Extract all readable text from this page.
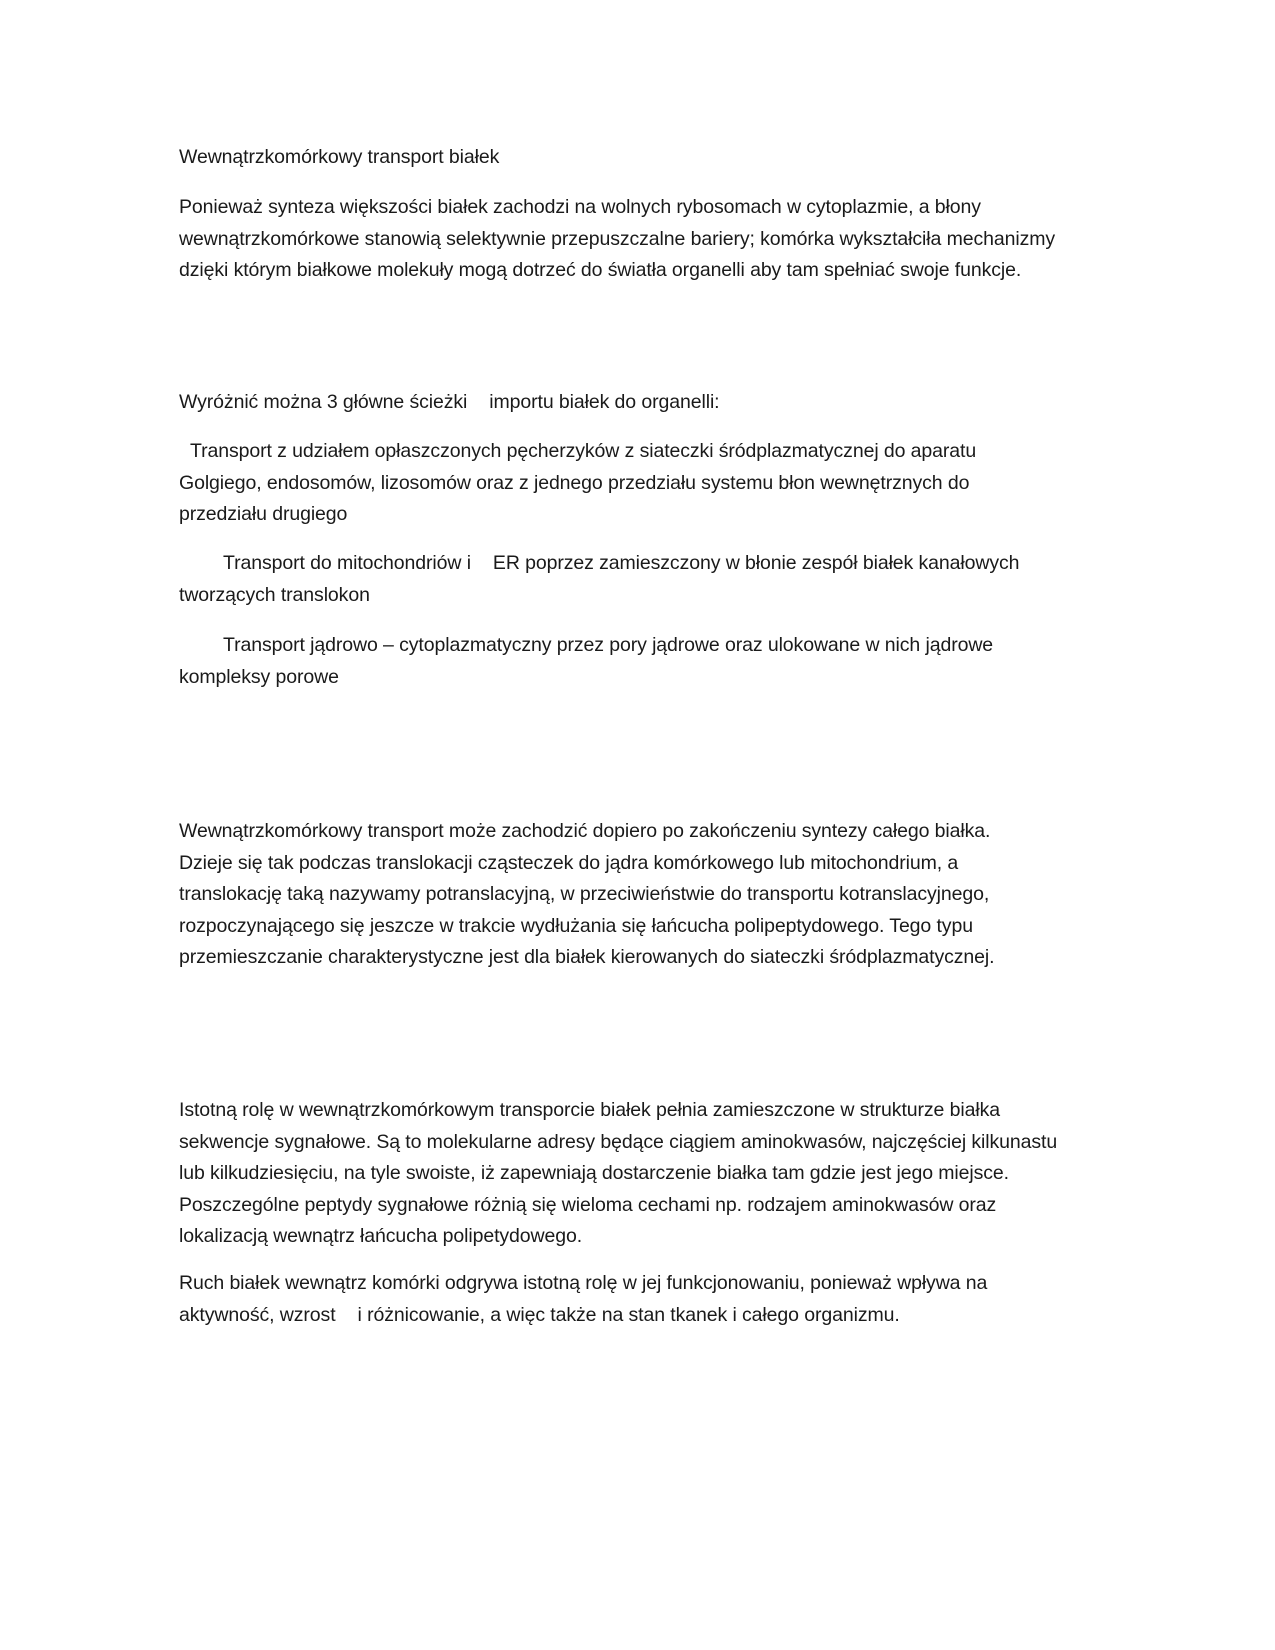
Wewnątrzkomórkowy transport białek

Ponieważ synteza większości białek zachodzi na wolnych rybosomach w cytoplazmie, a błony wewnątrzkomórkowe stanowią selektywnie przepuszczalne bariery; komórka wykształciła mechanizmy dzięki którym białkowe molekuły mogą dotrzeć do światła organelli aby tam spełniać swoje funkcje.

Wyróżnić można 3 główne ścieżki importu białek do organelli:

Transport z udziałem opłaszczonych pęcherzyków z siateczki śródplazmatycznej do aparatu Golgiego, endosomów, lizosomów oraz z jednego przedziału systemu błon wewnętrznych do przedziału drugiego

Transport do mitochondriów i ER poprzez zamieszczony w błonie zespół białek kanałowych tworzących translokon

Transport jądrowo – cytoplazmatyczny przez pory jądrowe oraz ulokowane w nich jądrowe kompleksy porowe

Wewnątrzkomórkowy transport może zachodzić dopiero po zakończeniu syntezy całego białka. Dzieje się tak podczas translokacji cząsteczek do jądra komórkowego lub mitochondrium, a translokację taką nazywamy potranslacyjną, w przeciwieństwie do transportu kotranslacyjnego, rozpoczynającego się jeszcze w trakcie wydłużania się łańcucha polipeptydowego. Tego typu przemieszczanie charakterystyczne jest dla białek kierowanych do siateczki śródplazmatycznej.

Istotną rolę w wewnątrzkomórkowym transporcie białek pełnia zamieszczone w strukturze białka sekwencje sygnałowe. Są to molekularne adresy będące ciągiem aminokwasów, najczęściej kilkunastu lub kilkudziesięciu, na tyle swoiste, iż zapewniają dostarczenie białka tam gdzie jest jego miejsce. Poszczególne peptydy sygnałowe różnią się wieloma cechami np. rodzajem aminokwasów oraz lokalizacją wewnątrz łańcucha polipetydowego.

Ruch białek wewnątrz komórki odgrywa istotną rolę w jej funkcjonowaniu, ponieważ wpływa na aktywność, wzrost i różnicowanie, a więc także na stan tkanek i całego organizmu.
